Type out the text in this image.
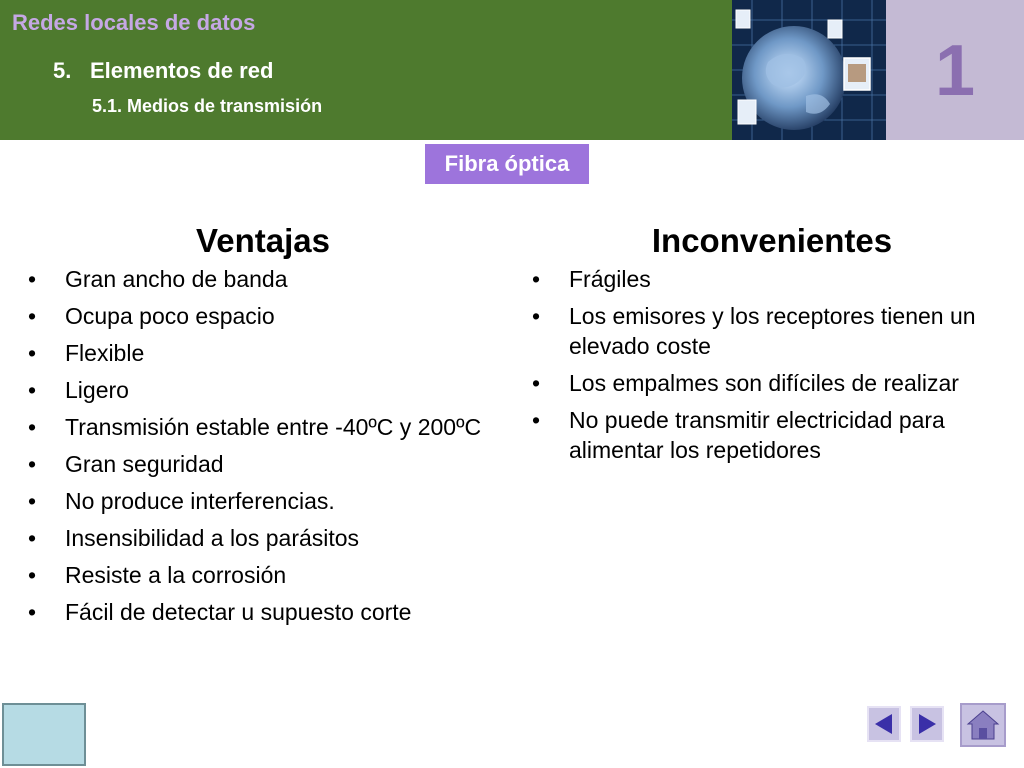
Redes locales de datos
5. Elementos de red
5.1. Medios de transmisión	1
Fibra óptica
Ventajas
•	Gran ancho de banda
•	Ocupa poco espacio
•	Flexible
•	Ligero
•	Transmisión estable entre -40ºC y 200ºC
•	Gran seguridad
•	No produce interferencias.
•	Insensibilidad a los parásitos
•	Resiste a la corrosión
•	Fácil de detectar u supuesto corte
Inconvenientes
•	Frágiles
•	Los emisores y los receptores tienen un elevado coste
•	Los empalmes son difíciles de realizar
•	No puede transmitir electricidad para alimentar los repetidores
